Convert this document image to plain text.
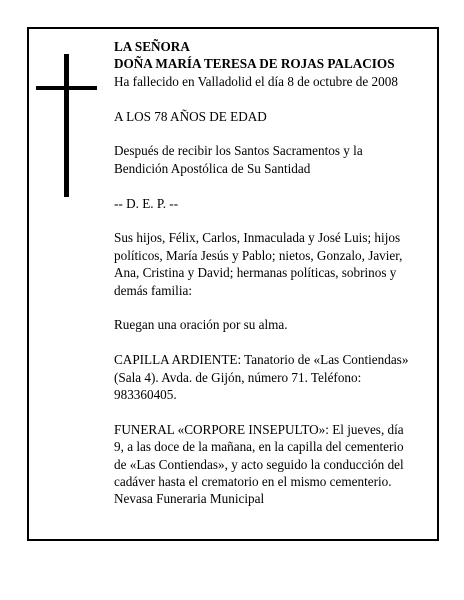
LA SEÑORA

DOÑA MARÍA TERESA DE ROJAS PALACIOS

Ha fallecido en Valladolid el día 8 de octubre de 2008

A LOS 78 AÑOS DE EDAD

Después de recibir los Santos Sacramentos y la Bendición Apostólica de Su Santidad

-- D. E. P. --

Sus hijos, Félix, Carlos, Inmaculada y José Luis; hijos políticos, María Jesús y Pablo; nietos, Gonzalo, Javier, Ana, Cristina y David; hermanas políticas, sobrinos y demás familia:

Ruegan una oración por su alma.

CAPILLA ARDIENTE: Tanatorio de «Las Contiendas» (Sala 4). Avda. de Gijón, número 71. Teléfono: 983360405.

FUNERAL «CORPORE INSEPULTO»: El jueves, día 9, a las doce de la mañana, en la capilla del cementerio de «Las Contiendas», y acto seguido la conducción del cadáver hasta el crematorio en el mismo cementerio.

Nevasa Funeraria Municipal
